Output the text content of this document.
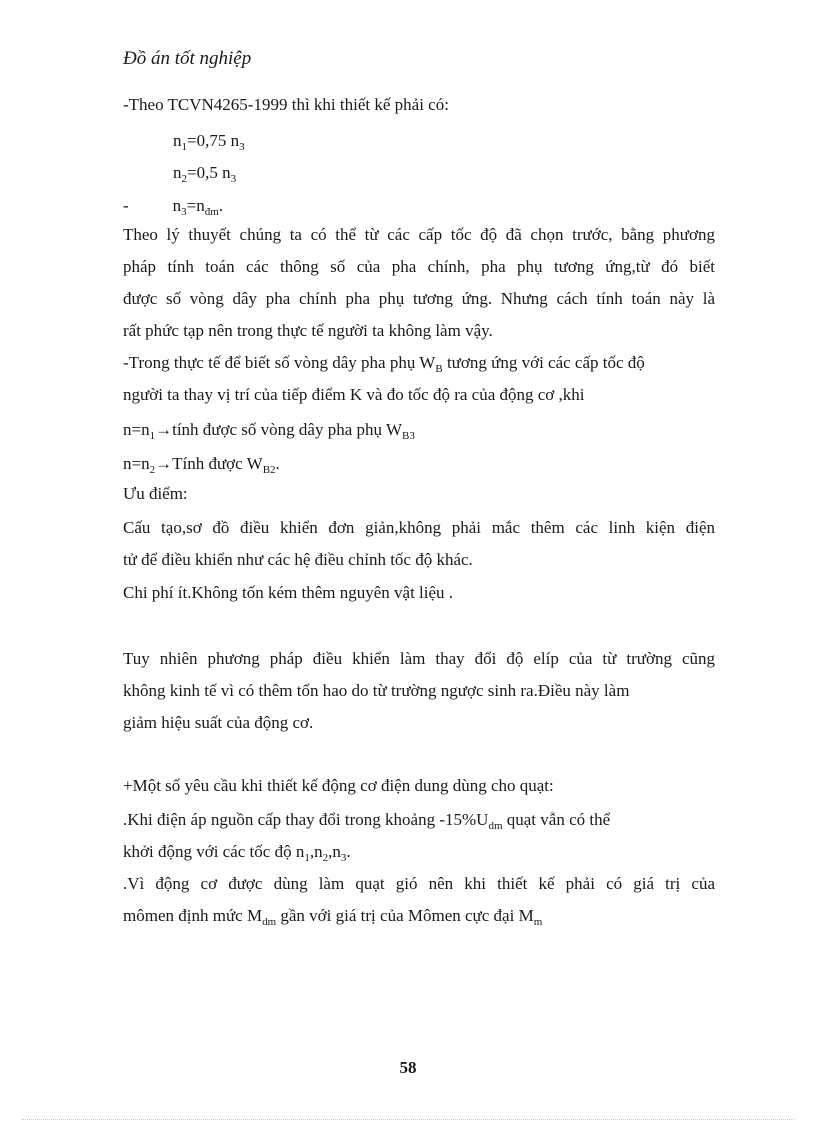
Đồ án tốt nghiệp
-Theo TCVN4265-1999 thì khi thiết kế phải có:
$n_1=0,75$ $n_3$
$n_2=0,5$ $n_3$
-	$n_3=n_{đm}$.
Theo lý thuyết chúng ta có thể từ các cấp tốc độ đã chọn trước, bằng phương
pháp tính toán các thông số của pha chính, pha phụ tương ứng,từ đó biết
được số vòng dây pha chính pha phụ tương ứng. Nhưng cách tính toán này là
rất phức tạp nên trong thực tế người ta không làm vậy.
-Trong thực tế để biết số vòng dây pha phụ $W_B$ tương ứng với các cấp tốc độ
người ta thay vị trí của tiếp điểm K và đo tốc độ ra của động cơ ,khi
$n=n_1\to tính$ được số vòng dây pha phụ $W_{B3}$
$n=n_2\to Tính$ được $W_{B2}$.
Ưu điểm:
Cấu tạo,sơ đồ điều khiển đơn giản,không phải mắc thêm các linh kiện điện
tử để điều khiển như các hệ điều chỉnh tốc độ khác.
Chi phí ít.Không tốn kém thêm nguyên vật liệu .
Tuy nhiên phương pháp điều khiển làm thay đổi độ elíp của từ trường cũng
không kinh tế vì có thêm tổn hao do từ trường ngược sinh ra.Điều này làm
giảm hiệu suất của động cơ.
+Một số yêu cầu khi thiết kế động cơ điện dung dùng cho quạt:
.Khi điện áp nguồn cấp thay đổi trong khoảng $-15\%U_{dm}$ quạt vẫn có thể
khởi động với các tốc độ $n_1,n_2,n_3$.
.Vì động cơ được dùng làm quạt gió nên khi thiết kế phải có giá trị của
mômen định mức $M_{dm}$ gần với giá trị của Mômen cực đại $M_m$
58
